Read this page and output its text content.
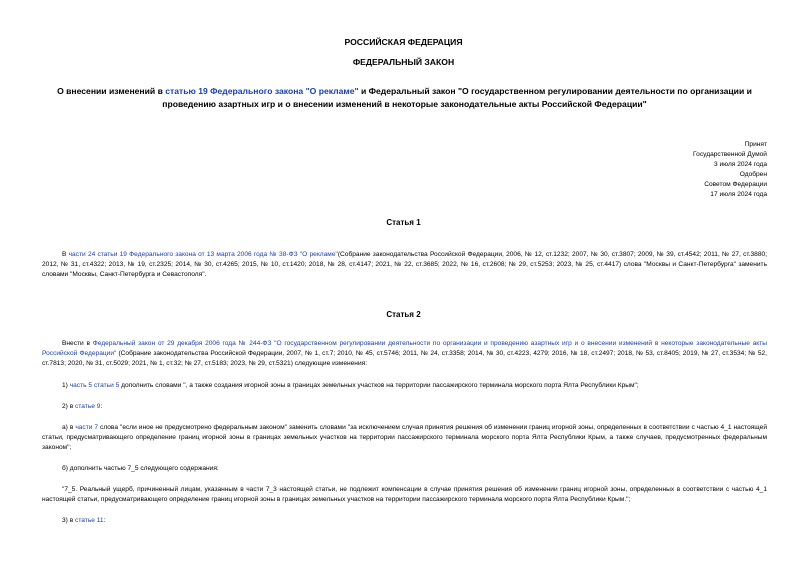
РОССИЙСКАЯ ФЕДЕРАЦИЯ
ФЕДЕРАЛЬНЫЙ ЗАКОН
О внесении изменений в статью 19 Федерального закона "О рекламе" и Федеральный закон "О государственном регулировании деятельности по организации и проведению азартных игр и о внесении изменений в некоторые законодательные акты Российской Федерации"
Принят
Государственной Думой
3 июля 2024 года
Одобрен
Советом Федерации
17 июля 2024 года
Статья 1
В части 24 статьи 19 Федерального закона от 13 марта 2006 года № 38-ФЗ "О рекламе"(Собрание законодательства Российской Федерации, 2006, № 12, ст.1232; 2007, № 30, ст.3807; 2009, № 39, ст.4542; 2011, № 27, ст.3880; 2012, № 31, ст.4322; 2013, № 19, ст.2325; 2014, № 30, ст.4265; 2015, № 10, ст.1420; 2018, № 28, ст.4147; 2021, № 22, ст.3685; 2022, № 16, ст.2608; № 29, ст.5253; 2023, № 25, ст.4417) слова "Москвы и Санкт-Петербурга" заменить словами "Москвы, Санкт-Петербурга и Севастополя".
Статья 2
Внести в Федеральный закон от 29 декабря 2006 года № 244-ФЗ "О государственном регулировании деятельности по организации и проведению азартных игр и о внесении изменений в некоторые законодательные акты Российской Федерации" (Собрание законодательства Российской Федерации, 2007, № 1, ст.7; 2010, № 45, ст.5746; 2011, № 24, ст.3358; 2014, № 30, ст.4223, 4279; 2016, № 18, ст.2497; 2018, № 53, ст.8405; 2019, № 27, ст.3534; № 52, ст.7813; 2020, № 31, ст.5029; 2021, № 1, ст.32; № 27, ст.5183; 2023, № 29, ст.5321) следующие изменения:
1) часть 5 статьи 5 дополнить словами ", а также создания игорной зоны в границах земельных участков на территории пассажирского терминала морского порта Ялта Республики Крым";
2) в статье 9:
а) в части 7 слова "если иное не предусмотрено федеральным законом" заменить словами "за исключением случая принятия решения об изменении границ игорной зоны, определенных в соответствии с частью 4_1 настоящей статьи, предусматривающего определение границ игорной зоны в границах земельных участков на территории пассажирского терминала морского порта Ялта Республики Крым, а также случаев, предусмотренных федеральным законом";
б) дополнить частью 7_5 следующего содержания:
"7_5. Реальный ущерб, причиненный лицам, указанным в части 7_3 настоящей статьи, не подлежит компенсации в случае принятия решения об изменении границ игорной зоны, определенных в соответствии с частью 4_1 настоящей статьи, предусматривающего определение границ игорной зоны в границах земельных участков на территории пассажирского терминала морского порта Ялта Республики Крым.";
3) в статье 11:
